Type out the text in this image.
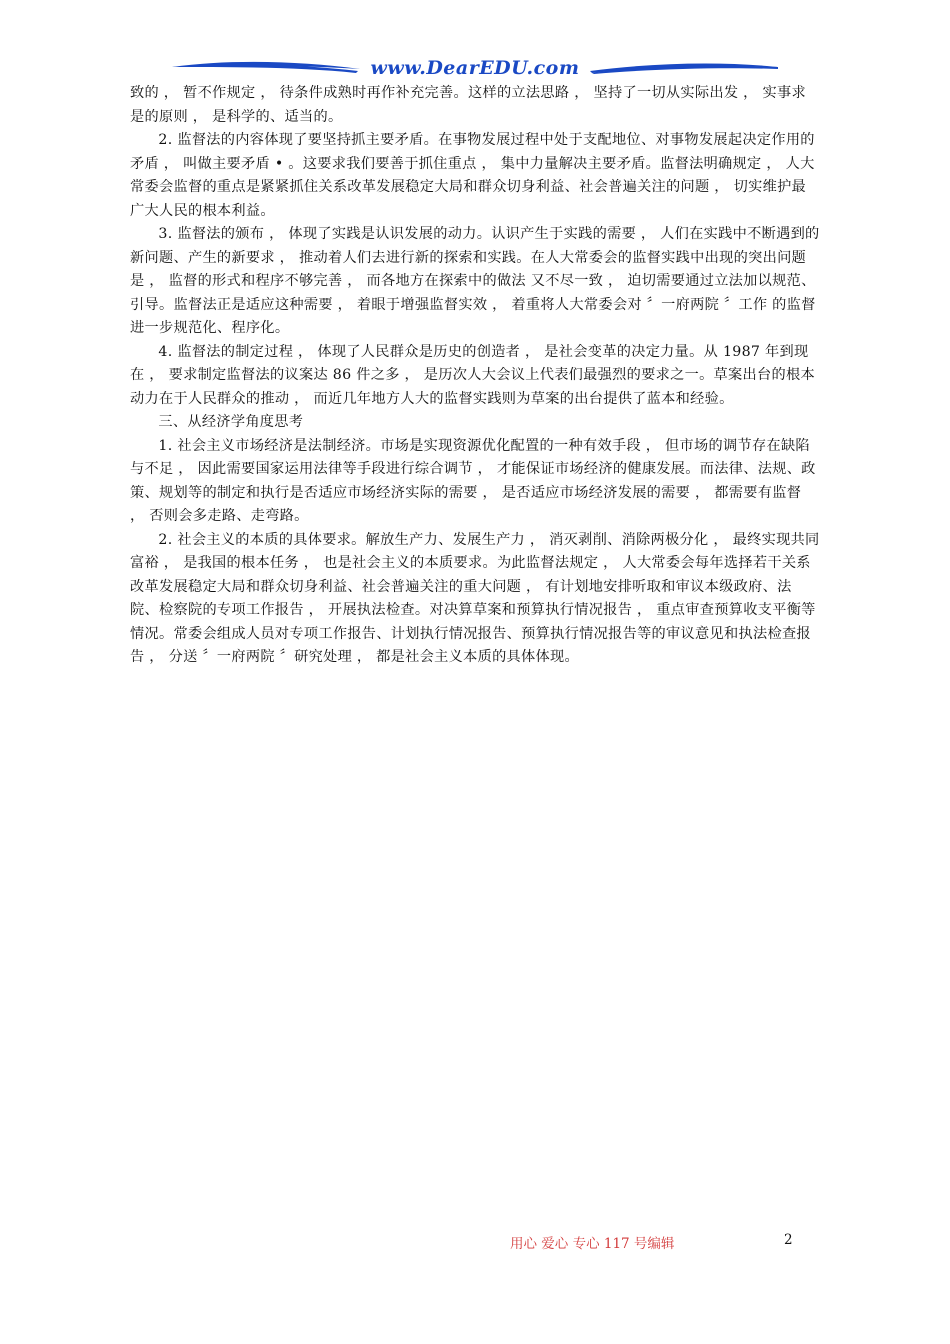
www.DearEDU.com

致的 ， 暂不作规定 ， 待条件成熟时再作补充完善。这样的立法思路 ， 坚持了一切从实际出发 ， 实事求是的原则 ， 是科学的、适当的。

2. 监督法的内容体现了要坚持抓主要矛盾。在事物发展过程中处于支配地位、对事物发展起决定作用的矛盾 ， 叫做主要矛盾 • 。这要求我们要善于抓住重点 ， 集中力量解决主要矛盾。监督法明确规定 ， 人大常委会监督的重点是紧紧抓住关系改革发展稳定大局和群众切身利益、社会普遍关注的问题 ， 切实维护最广大人民的根本利益。

3. 监督法的颁布 ， 体现了实践是认识发展的动力。认识产生于实践的需要 ， 人们在实践中不断遇到的新问题、产生的新要求 ， 推动着人们去进行新的探索和实践。在人大常委会的监督实践中出现的突出问题是 ， 监督的形式和程序不够完善 ， 而各地方在探索中的做法 又不尽一致 ， 迫切需要通过立法加以规范、引导。监督法正是适应这种需要 ， 着眼于增强监督实效 ， 着重将人大常委会对 〞一府两院 〞工作 的监督进一步规范化、程序化。

4. 监督法的制定过程 ， 体现了人民群众是历史的创造者 ， 是社会变革的决定力量。从 1987 年到现在 ， 要求制定监督法的议案达 86 件之多 ， 是历次人大会议上代表们最强烈的要求之一。草案出台的根本动力在于人民群众的推动 ， 而近几年地方人大的监督实践则为草案的出台提供了蓝本和经验。

三、从经济学角度思考

1. 社会主义市场经济是法制经济。市场是实现资源优化配置的一种有效手段 ， 但市场的调节存在缺陷与不足 ， 因此需要国家运用法律等手段进行综合调节 ， 才能保证市场经济的健康发展。而法律、法规、政策、规划等的制定和执行是否适应市场经济实际的需要 ， 是否适应市场经济发展的需要 ， 都需要有监督 ， 否则会多走路、走弯路。

2. 社会主义的本质的具体要求。解放生产力、发展生产力 ， 消灭剥削、消除两极分化 ， 最终实现共同富裕 ， 是我国的根本任务 ， 也是社会主义的本质要求。为此监督法规定 ， 人大常委会每年选择若干关系改革发展稳定大局和群众切身利益、社会普遍关注的重大问题 ， 有计划地安排听取和审议本级政府、法院、检察院的专项工作报告 ， 开展执法检查。对决算草案和预算执行情况报告 ， 重点审查预算收支平衡等情况。常委会组成人员对专项工作报告、计划执行情况报告、预算执行情况报告等的审议意见和执法检查报告 ， 分送 〞一府两院 〞研究处理 ， 都是社会主义本质的具体体现。

用心 爱心 专心 117 号编辑	2
